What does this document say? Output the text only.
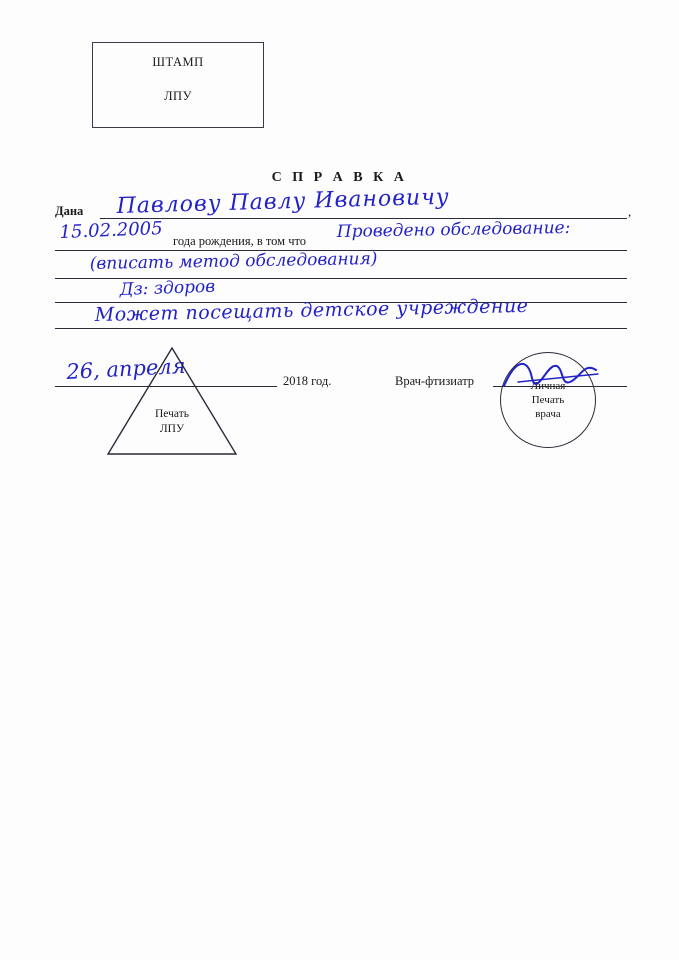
ШТАМП
ЛПУ
С П Р А В К А
Дана Павлову Павлу Ивановичу	,
15.02.2005 года рождения, в том что Проведено обследование:
(вписать метод обследования)
Дз: здоров
Может посещать детское учреждение
26, апреля	2018 год.	Врач-фтизиатр
Печать
ЛПУ
Личная
Печать
врача
